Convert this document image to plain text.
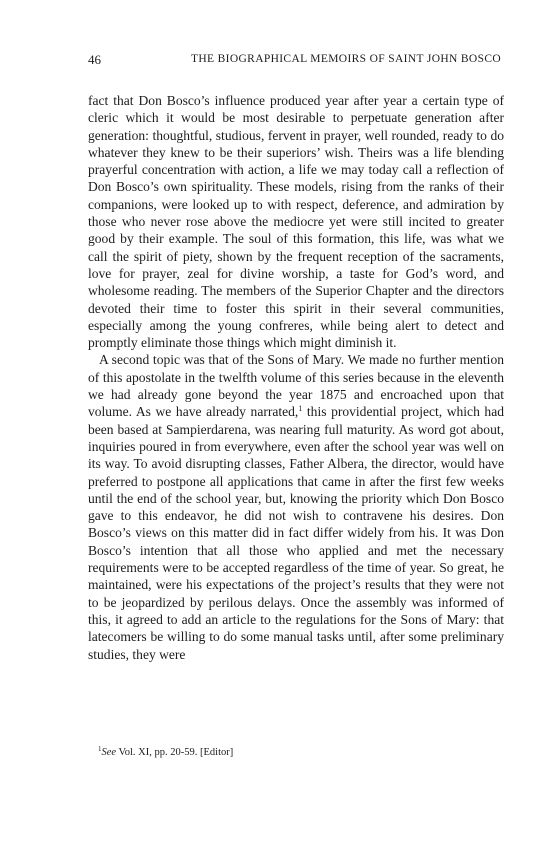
46	THE BIOGRAPHICAL MEMOIRS OF SAINT JOHN BOSCO

fact that Don Bosco’s influence produced year after year a certain type of cleric which it would be most desirable to perpetuate generation after generation: thoughtful, studious, fervent in prayer, well rounded, ready to do whatever they knew to be their superiors’ wish. Theirs was a life blending prayerful concentration with action, a life we may today call a reflection of Don Bosco’s own spirituality. These models, rising from the ranks of their companions, were looked up to with respect, deference, and admiration by those who never rose above the mediocre yet were still incited to greater good by their example. The soul of this formation, this life, was what we call the spirit of piety, shown by the frequent reception of the sacraments, love for prayer, zeal for divine worship, a taste for God’s word, and wholesome reading. The members of the Superior Chapter and the directors devoted their time to foster this spirit in their several communities, especially among the young confreres, while being alert to detect and promptly eliminate those things which might diminish it.

A second topic was that of the Sons of Mary. We made no further mention of this apostolate in the twelfth volume of this series because in the eleventh we had already gone beyond the year 1875 and encroached upon that volume. As we have already narrated,$^1$ this providential project, which had been based at Sampierdarena, was nearing full maturity. As word got about, inquiries poured in from everywhere, even after the school year was well on its way. To avoid disrupting classes, Father Albera, the director, would have preferred to postpone all applications that came in after the first few weeks until the end of the school year, but, knowing the priority which Don Bosco gave to this endeavor, he did not wish to contravene his desires. Don Bosco’s views on this matter did in fact differ widely from his. It was Don Bosco’s intention that all those who applied and met the necessary requirements were to be accepted regardless of the time of year. So great, he maintained, were his expectations of the project’s results that they were not to be jeopardized by perilous delays. Once the assembly was informed of this, it agreed to add an article to the regulations for the Sons of Mary: that latecomers be willing to do some manual tasks until, after some preliminary studies, they were

$^1$See Vol. XI, pp. 20-59. [Editor]
